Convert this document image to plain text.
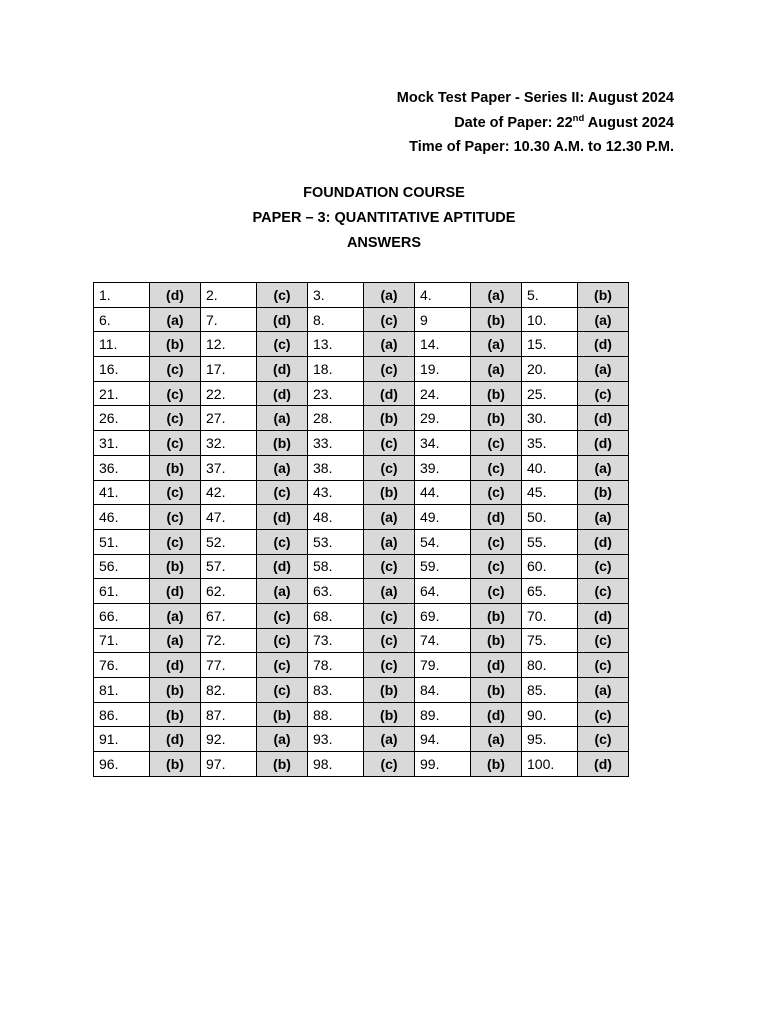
Mock Test Paper - Series II: August 2024
Date of Paper: 22nd August 2024
Time of Paper: 10.30 A.M. to 12.30 P.M.
FOUNDATION COURSE
PAPER – 3: QUANTITATIVE APTITUDE
ANSWERS
1.	(d)	2.	(c)	3.	(a)	4.	(a)	5.	(b)
6.	(a)	7.	(d)	8.	(c)	9	(b)	10.	(a)
11.	(b)	12.	(c)	13.	(a)	14.	(a)	15.	(d)
16.	(c)	17.	(d)	18.	(c)	19.	(a)	20.	(a)
21.	(c)	22.	(d)	23.	(d)	24.	(b)	25.	(c)
26.	(c)	27.	(a)	28.	(b)	29.	(b)	30.	(d)
31.	(c)	32.	(b)	33.	(c)	34.	(c)	35.	(d)
36.	(b)	37.	(a)	38.	(c)	39.	(c)	40.	(a)
41.	(c)	42.	(c)	43.	(b)	44.	(c)	45.	(b)
46.	(c)	47.	(d)	48.	(a)	49.	(d)	50.	(a)
51.	(c)	52.	(c)	53.	(a)	54.	(c)	55.	(d)
56.	(b)	57.	(d)	58.	(c)	59.	(c)	60.	(c)
61.	(d)	62.	(a)	63.	(a)	64.	(c)	65.	(c)
66.	(a)	67.	(c)	68.	(c)	69.	(b)	70.	(d)
71.	(a)	72.	(c)	73.	(c)	74.	(b)	75.	(c)
76.	(d)	77.	(c)	78.	(c)	79.	(d)	80.	(c)
81.	(b)	82.	(c)	83.	(b)	84.	(b)	85.	(a)
86.	(b)	87.	(b)	88.	(b)	89.	(d)	90.	(c)
91.	(d)	92.	(a)	93.	(a)	94.	(a)	95.	(c)
96.	(b)	97.	(b)	98.	(c)	99.	(b)	100.	(d)
